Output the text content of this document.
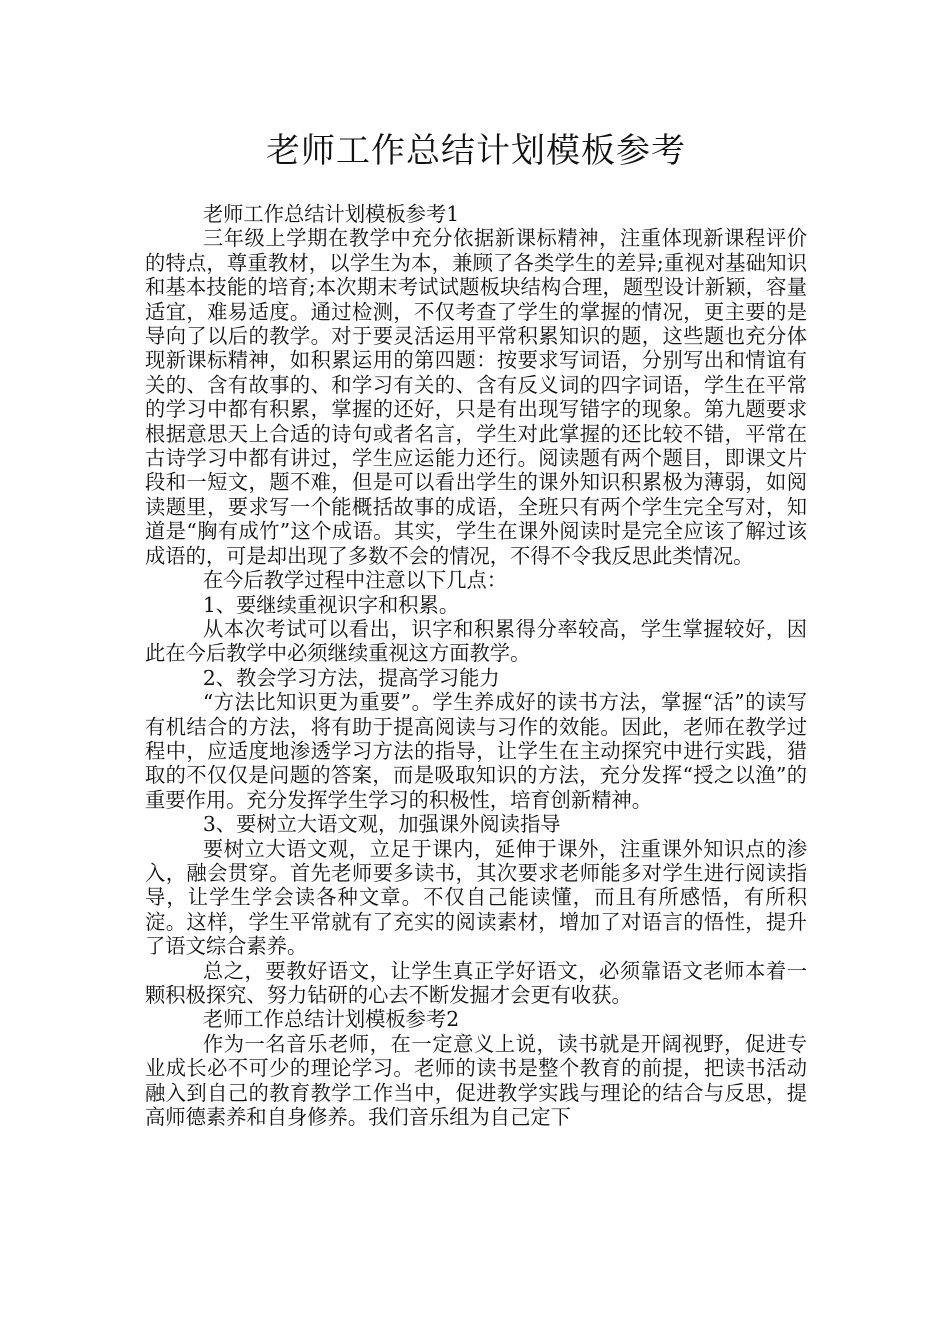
老师工作总结计划模板参考

老师工作总结计划模板参考1

三年级上学期在教学中充分依据新课标精神，注重体现新课程评价的特点，尊重教材，以学生为本，兼顾了各类学生的差异;重视对基础知识和基本技能的培育;本次期末考试试题板块结构合理，题型设计新颖，容量适宜，难易适度。通过检测，不仅考查了学生的掌握的情况，更主要的是导向了以后的教学。对于要灵活运用平常积累知识的题，这些题也充分体现新课标精神，如积累运用的第四题：按要求写词语，分别写出和情谊有关的、含有故事的、和学习有关的、含有反义词的四字词语，学生在平常的学习中都有积累，掌握的还好，只是有出现写错字的现象。第九题要求根据意思天上合适的诗句或者名言，学生对此掌握的还比较不错，平常在古诗学习中都有讲过，学生应运能力还行。阅读题有两个题目，即课文片段和一短文，题不难，但是可以看出学生的课外知识积累极为薄弱，如阅读题里，要求写一个能概括故事的成语，全班只有两个学生完全写对，知道是“胸有成竹”这个成语。其实，学生在课外阅读时是完全应该了解过该成语的，可是却出现了多数不会的情况，不得不令我反思此类情况。

在今后教学过程中注意以下几点：

1、要继续重视识字和积累。

从本次考试可以看出，识字和积累得分率较高，学生掌握较好，因此在今后教学中必须继续重视这方面教学。

2、教会学习方法，提高学习能力

“方法比知识更为重要”。学生养成好的读书方法，掌握“活”的读写有机结合的方法，将有助于提高阅读与习作的效能。因此，老师在教学过程中，应适度地渗透学习方法的指导，让学生在主动探究中进行实践，猎取的不仅仅是问题的答案，而是吸取知识的方法，充分发挥“授之以渔”的重要作用。充分发挥学生学习的积极性，培育创新精神。

3、要树立大语文观，加强课外阅读指导

要树立大语文观，立足于课内，延伸于课外，注重课外知识点的渗入，融会贯穿。首先老师要多读书，其次要求老师能多对学生进行阅读指导，让学生学会读各种文章。不仅自己能读懂，而且有所感悟，有所积淀。这样，学生平常就有了充实的阅读素材，增加了对语言的悟性，提升了语文综合素养。

总之，要教好语文，让学生真正学好语文，必须靠语文老师本着一颗积极探究、努力钻研的心去不断发掘才会更有收获。

老师工作总结计划模板参考2

作为一名音乐老师，在一定意义上说，读书就是开阔视野，促进专业成长必不可少的理论学习。老师的读书是整个教育的前提，把读书活动融入到自己的教育教学工作当中，促进教学实践与理论的结合与反思，提高师德素养和自身修养。我们音乐组为自己定下
